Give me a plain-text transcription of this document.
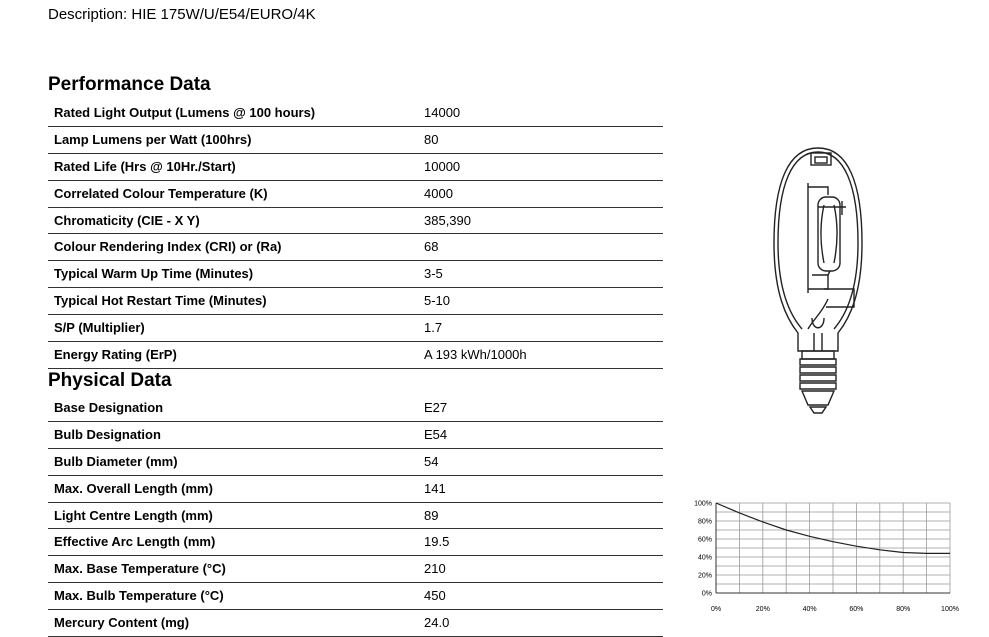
Description: HIE 175W/U/E54/EURO/4K
Performance Data
Rated Light Output (Lumens @ 100 hours)	14000
Lamp Lumens per Watt (100hrs)	80
Rated Life (Hrs @ 10Hr./Start)	10000
Correlated Colour Temperature (K)	4000
Chromaticity (CIE - X Y)	385,390
Colour Rendering Index (CRI) or (Ra)	68
Typical Warm Up Time (Minutes)	3-5
Typical Hot Restart Time (Minutes)	5-10
S/P (Multiplier)	1.7
Energy Rating (ErP)	A 193 kWh/1000h
Physical Data
Base Designation	E27
Bulb Designation	E54
Bulb Diameter (mm)	54
Max. Overall Length (mm)	141
Light Centre Length (mm)	89
Effective Arc Length (mm)	19.5
Max. Base Temperature (°C)	210
Max. Bulb Temperature (°C)	450
Mercury Content (mg)	24.0
100%
80%
60%
40%
20%
0%
0%	20%	40%	60%	80%	100%
